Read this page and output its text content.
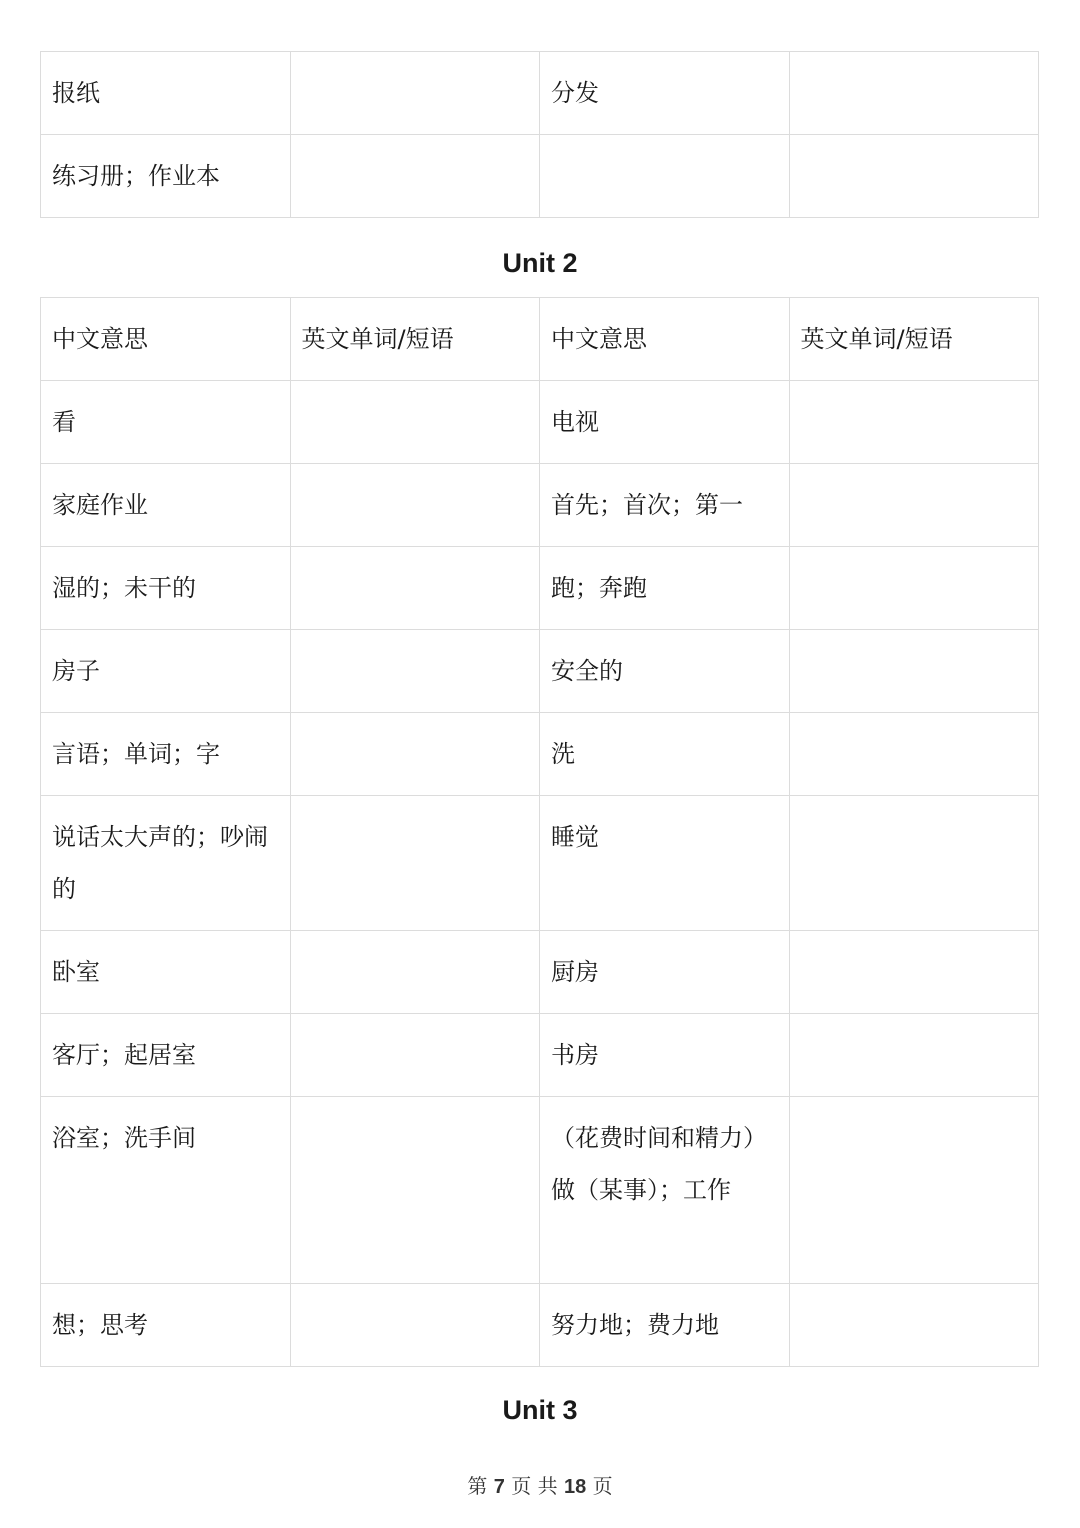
报纸		分发	
练习册；作业本			
Unit 2
中文意思	英文单词/短语	中文意思	英文单词/短语
看		电视	
家庭作业		首先；首次；第一	
湿的；未干的		跑；奔跑	
房子		安全的	
言语；单词；字		洗	
说话太大声的；吵闹的		睡觉	
卧室		厨房	
客厅；起居室		书房	
浴室；洗手间		（花费时间和精力）做（某事）；工作	
想；思考		努力地；费力地	
Unit 3
第 7 页 共 18 页
